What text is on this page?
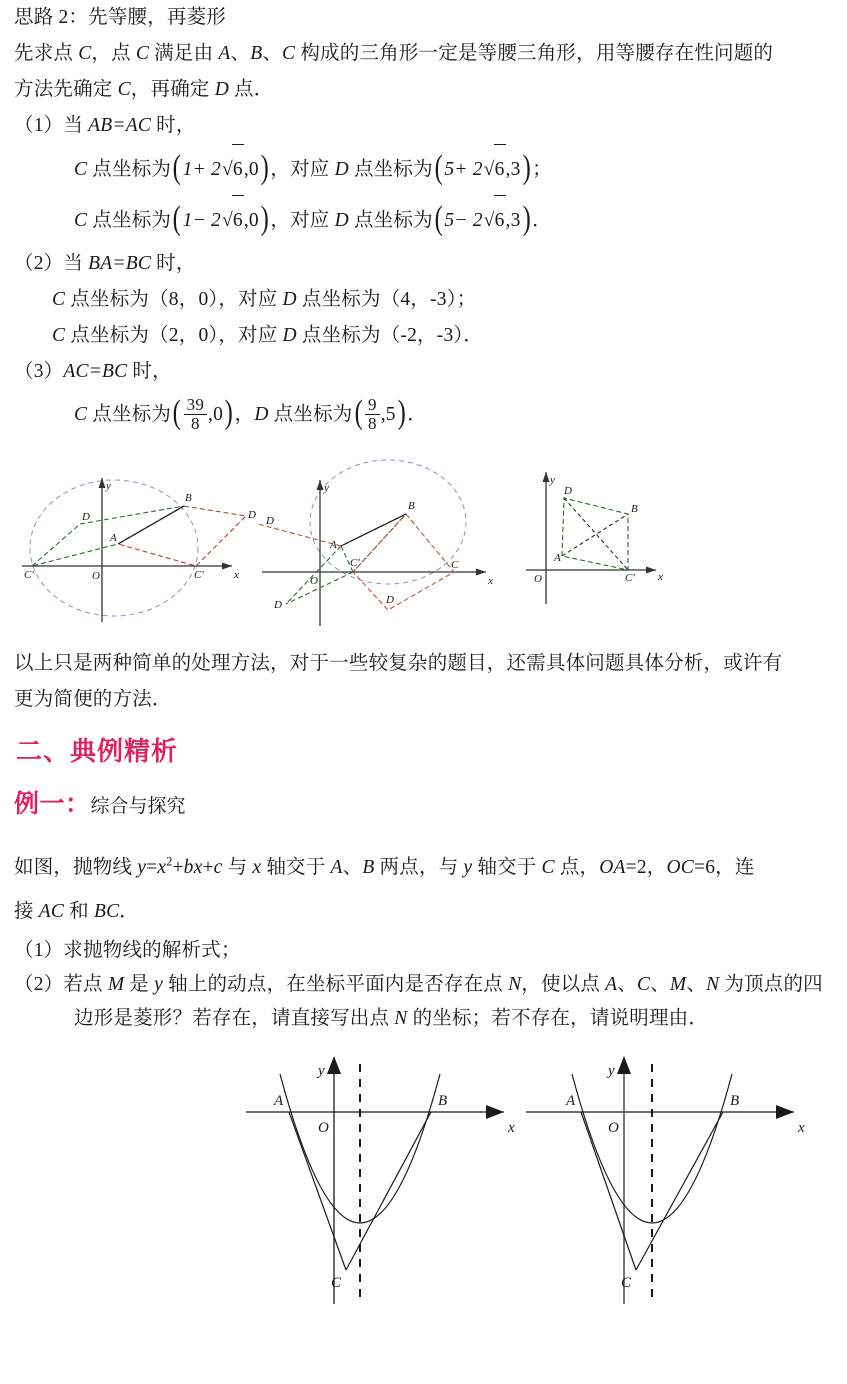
思路 2：先等腰，再菱形

先求点 C，点 C 满足由 A、B、C 构成的三角形一定是等腰三角形，用等腰存在性问题的
方法先确定 C，再确定 D 点．

（1）当 AB=AC 时，

C 点坐标为(1+ 2√6,0)，对应 D 点坐标为(5+ 2√6,3)；

C 点坐标为(1− 2√6,0)，对应 D 点坐标为(5− 2√6,3)．

（2）当 BA=BC 时，

C 点坐标为（8，0），对应 D 点坐标为（4，-3）；

C 点坐标为（2，0），对应 D 点坐标为（-2，-3）．

（3）AC=BC 时，

C 点坐标为( $\frac{39}{8} ,0$)，D 点坐标为( $\frac{9}{8} ,5$)．

B
D
A
C'	C'
D
O	x
y
B
A
C'	C
D	D
D
O	x
y	D
B
A
C'
O	x
y

以上只是两种简单的处理方法，对于一些较复杂的题目，还需具体问题具体分析，或许有
更为简便的方法．

二、典例精析

例一：综合与探究

如图，抛物线 $y=x^2+bx+c$ 与 x 轴交于 A、B 两点，与 y 轴交于 C 点，OA=2，OC=6，连
接 AC 和 BC．

（1）求抛物线的解析式；

（2）若点 M 是 y 轴上的动点，在坐标平面内是否存在点 N，使以点 A、C、M、N 为顶点的四边形是菱形？若存在，请直接写出点 N 的坐标；若不存在，请说明理由．

A	B
C
O	x
y
A	B
C
O	x
y
